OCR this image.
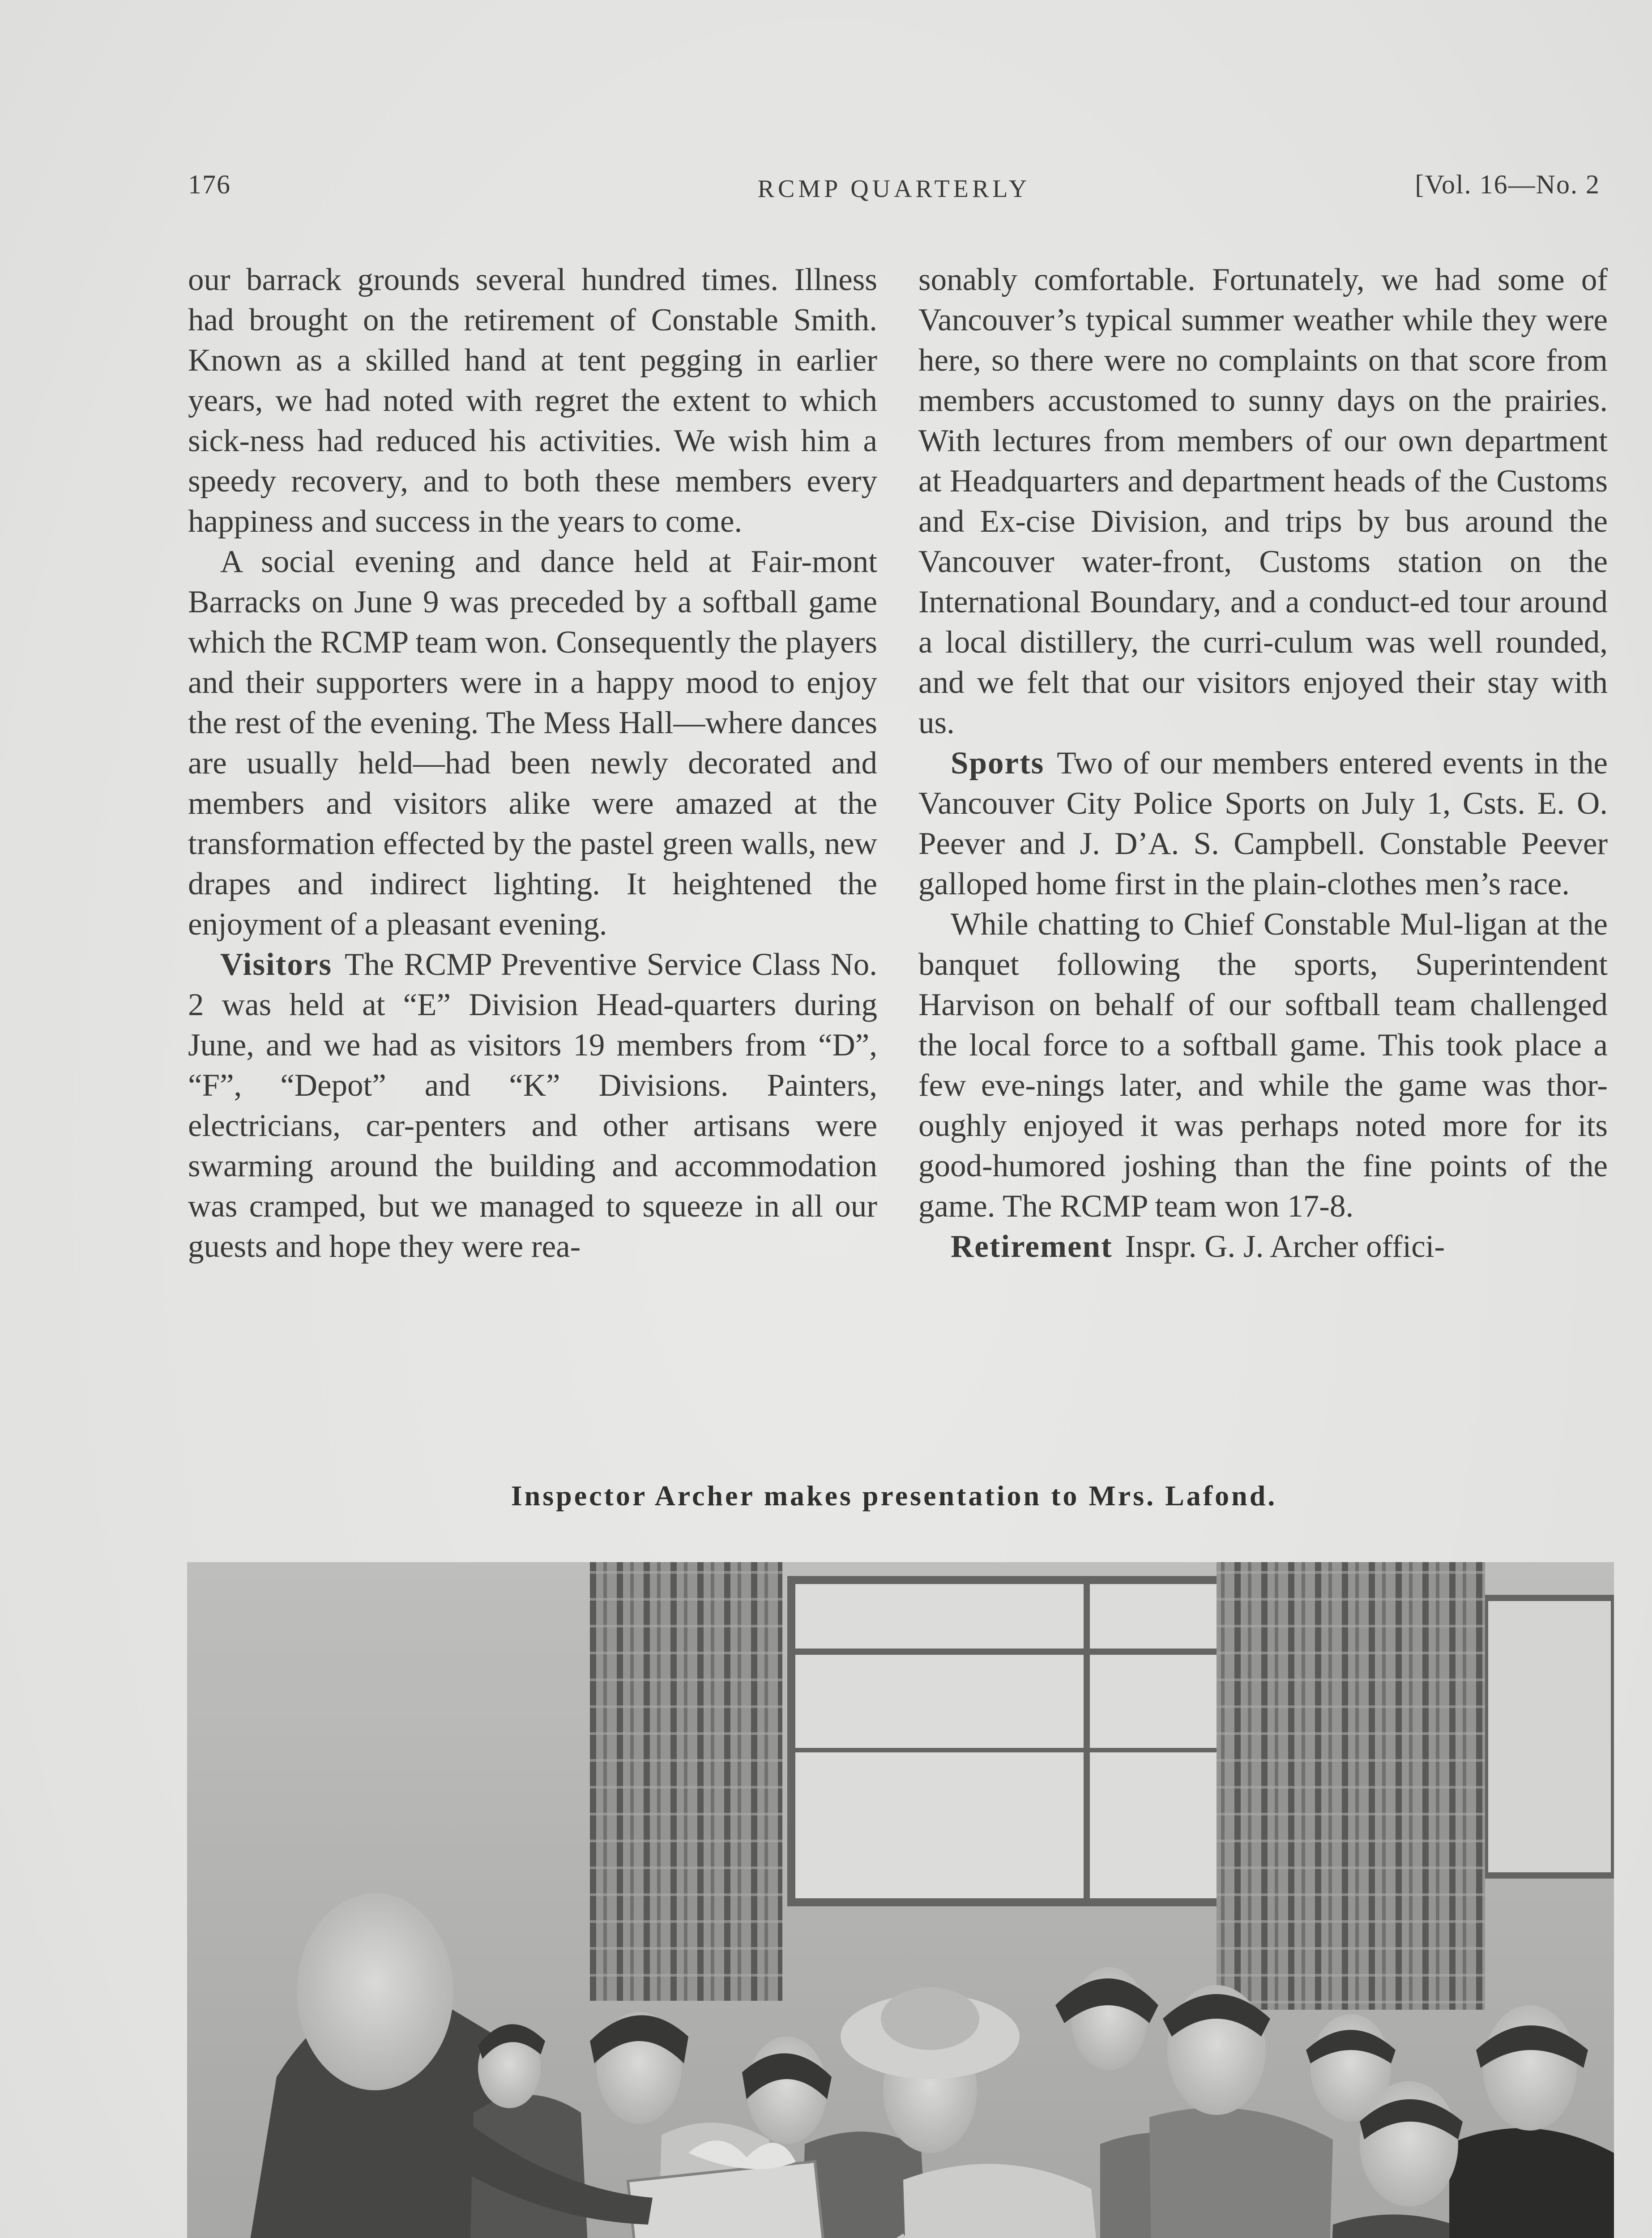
176	RCMP QUARTERLY	[Vol. 16—No. 2

our barrack grounds several hundred times. Illness had brought on the retirement of Constable Smith. Known as a skilled hand at tent pegging in earlier years, we had noted with regret the extent to which sick-ness had reduced his activities. We wish him a speedy recovery, and to both these members every happiness and success in the years to come.

A social evening and dance held at Fair-mont Barracks on June 9 was preceded by a softball game which the RCMP team won. Consequently the players and their supporters were in a happy mood to enjoy the rest of the evening. The Mess Hall—where dances are usually held—had been newly decorated and members and visitors alike were amazed at the transformation effected by the pastel green walls, new drapes and indirect lighting. It heightened the enjoyment of a pleasant evening.

Visitors The RCMP Preventive Service Class No. 2 was held at “E” Division Head-quarters during June, and we had as visitors 19 members from “D”, “F”, “Depot” and “K” Divisions. Painters, electricians, car-penters and other artisans were swarming around the building and accommodation was cramped, but we managed to squeeze in all our guests and hope they were rea-

sonably comfortable. Fortunately, we had some of Vancouver’s typical summer weather while they were here, so there were no complaints on that score from members accustomed to sunny days on the prairies. With lectures from members of our own department at Headquarters and department heads of the Customs and Ex-cise Division, and trips by bus around the Vancouver water-front, Customs station on the International Boundary, and a conduct-ed tour around a local distillery, the curri-culum was well rounded, and we felt that our visitors enjoyed their stay with us.

Sports Two of our members entered events in the Vancouver City Police Sports on July 1, Csts. E. O. Peever and J. D’A. S. Campbell. Constable Peever galloped home first in the plain-clothes men’s race.

While chatting to Chief Constable Mul-ligan at the banquet following the sports, Superintendent Harvison on behalf of our softball team challenged the local force to a softball game. This took place a few eve-nings later, and while the game was thor-oughly enjoyed it was perhaps noted more for its good-humored joshing than the fine points of the game. The RCMP team won 17-8.

Retirement Inspr. G. J. Archer offici-

Inspector Archer makes presentation to Mrs. Lafond.
